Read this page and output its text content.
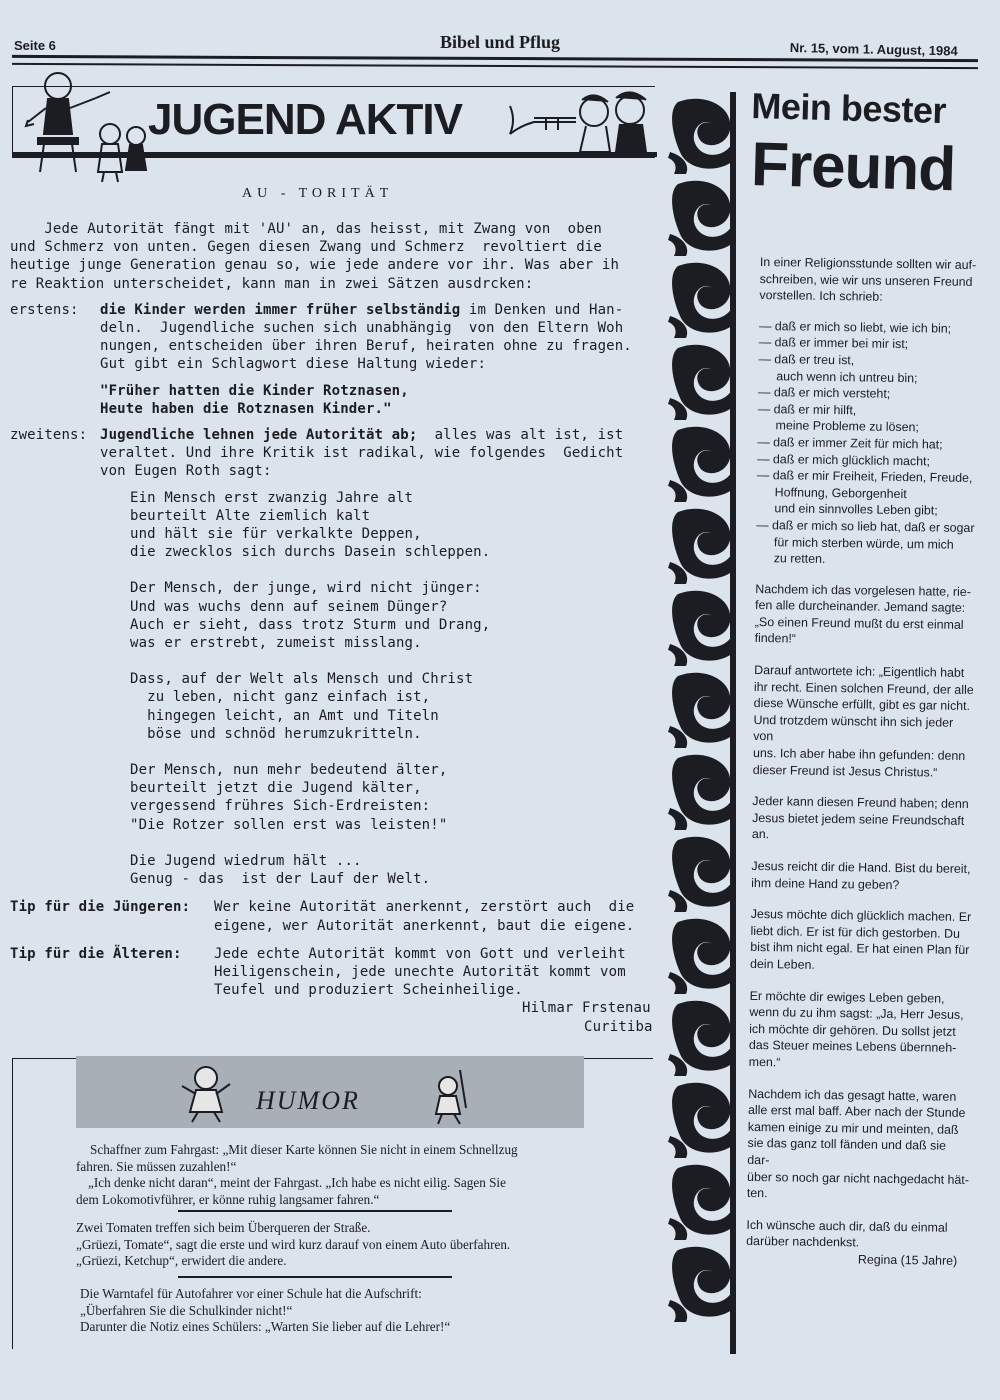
Seite 6	Bibel und Pflug	Nr. 15, vom 1. August, 1984
JUGEND AKTIV
AU - TORITÄT
Jede Autorität fängt mit 'AU' an, das heisst, mit Zwang von  oben
und Schmerz von unten. Gegen diesen Zwang und Schmerz  revoltiert die
heutige junge Generation genau so, wie jede andere vor ihr. Was aber ih
re Reaktion unterscheidet, kann man in zwei Sätzen ausdrcken:
erstens: die Kinder werden immer früher selbständig im Denken und Han-
deln.  Jugendliche suchen sich unabhängig  von den Eltern Woh
nungen, entscheiden über ihren Beruf, heiraten ohne zu fragen.
Gut gibt ein Schlagwort diese Haltung wieder:
"Früher hatten die Kinder Rotznasen,
Heute haben die Rotznasen Kinder."
zweitens: Jugendliche lehnen jede Autorität ab;  alles was alt ist, ist
veraltet. Und ihre Kritik ist radikal, wie folgendes  Gedicht
von Eugen Roth sagt:
Ein Mensch erst zwanzig Jahre alt
beurteilt Alte ziemlich kalt
und hält sie für verkalkte Deppen,
die zwecklos sich durchs Dasein schleppen.
Der Mensch, der junge, wird nicht jünger:
Und was wuchs denn auf seinem Dünger?
Auch er sieht, dass trotz Sturm und Drang,
was er erstrebt, zumeist misslang.
Dass, auf der Welt als Mensch und Christ
zu leben, nicht ganz einfach ist,
hingegen leicht, an Amt und Titeln
böse und schnöd herumzukritteln.
Der Mensch, nun mehr bedeutend älter,
beurteilt jetzt die Jugend kälter,
vergessend frühres Sich-Erdreisten:
"Die Rotzer sollen erst was leisten!"
Die Jugend wiedrum hält ...
Genug - das  ist der Lauf der Welt.
Tip für die Jüngeren: Wer keine Autorität anerkennt, zerstört auch  die
eigene, wer Autorität anerkennt, baut die eigene.
Tip für die Älteren: Jede echte Autorität kommt von Gott und verleiht
Heiligenschein, jede unechte Autorität kommt vom
Teufel und produziert Scheinheilige.
Hilmar Frstenau
Curitiba
HUMOR
Schaffner zum Fahrgast: „Mit dieser Karte können Sie nicht in einem Schnellzug
fahren. Sie müssen zuzahlen!“
„Ich denke nicht daran“, meint der Fahrgast. „Ich habe es nicht eilig. Sagen Sie
dem Lokomotivführer, er könne ruhig langsamer fahren.“
Zwei Tomaten treffen sich beim Überqueren der Straße.
„Grüezi, Tomate“, sagt die erste und wird kurz darauf von einem Auto überfahren.
„Grüezi, Ketchup“, erwidert die andere.
Die Warntafel für Autofahrer vor einer Schule hat die Aufschrift:
„Überfahren Sie die Schulkinder nicht!“
Darunter die Notiz eines Schülers: „Warten Sie lieber auf die Lehrer!“
Mein bester
Freund

In einer Religionsstunde sollten wir auf-

schreiben, wie wir uns unseren Freund

vorstellen. Ich schrieb:

— daß er mich so liebt, wie ich bin;

— daß er immer bei mir ist;

— daß er treu ist,

auch wenn ich untreu bin;

— daß er mich versteht;

— daß er mir hilft,

meine Probleme zu lösen;

— daß er immer Zeit für mich hat;

— daß er mich glücklich macht;

— daß er mir Freiheit, Frieden, Freude,

Hoffnung, Geborgenheit

und ein sinnvolles Leben gibt;

— daß er mich so lieb hat, daß er sogar

für mich sterben würde, um mich

zu retten.

Nachdem ich das vorgelesen hatte, rie-

fen alle durcheinander. Jemand sagte:

„So einen Freund mußt du erst einmal

finden!“

Darauf antwortete ich: „Eigentlich habt

ihr recht. Einen solchen Freund, der alle

diese Wünsche erfüllt, gibt es gar nicht.

Und trotzdem wünscht ihn sich jeder von

uns. Ich aber habe ihn gefunden: denn

dieser Freund ist Jesus Christus.“

Jeder kann diesen Freund haben; denn

Jesus bietet jedem seine Freundschaft

an.

Jesus reicht dir die Hand. Bist du bereit,

ihm deine Hand zu geben?

Jesus möchte dich glücklich machen. Er

liebt dich. Er ist für dich gestorben. Du

bist ihm nicht egal. Er hat einen Plan für

dein Leben.

Er möchte dir ewiges Leben geben,

wenn du zu ihm sagst: „Ja, Herr Jesus,

ich möchte dir gehören. Du sollst jetzt

das Steuer meines Lebens übernneh-

men.“

Nachdem ich das gesagt hatte, waren

alle erst mal baff. Aber nach der Stunde

kamen einige zu mir und meinten, daß

sie das ganz toll fänden und daß sie dar-

über so noch gar nicht nachgedacht hät-

ten.

Ich wünsche auch dir, daß du einmal

darüber nachdenkst.

Regina (15 Jahre)
